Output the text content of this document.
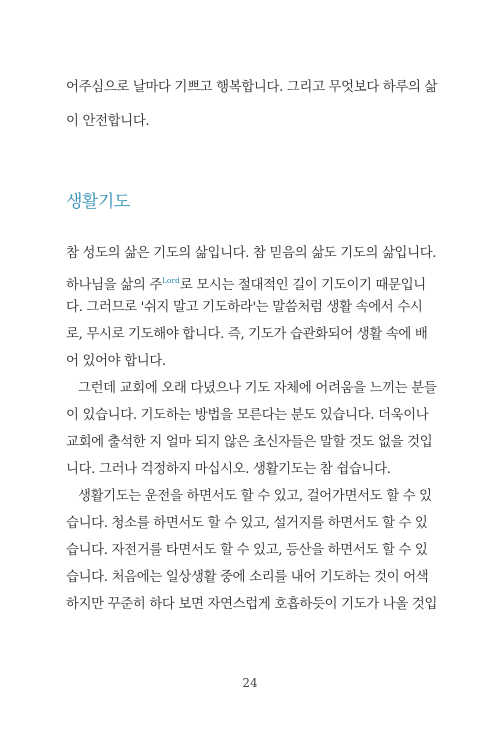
어주심으로 날마다 기쁘고 행복합니다. 그리고 무엇보다 하루의 삶
이 안전합니다.
생활기도
참 성도의 삶은 기도의 삶입니다. 참 믿음의 삶도 기도의 삶입니다.
하나님을 삶의 주$^{Lord}$로 모시는 절대적인 길이 기도이기 때문입니
다. 그러므로 '쉬지 말고 기도하라'는 말씀처럼 생활 속에서 수시
로, 무시로 기도해야 합니다. 즉, 기도가 습관화되어 생활 속에 배
어 있어야 합니다.
그런데 교회에 오래 다녔으나 기도 자체에 어려움을 느끼는 분들
이 있습니다. 기도하는 방법을 모른다는 분도 있습니다. 더욱이나
교회에 출석한 지 얼마 되지 않은 초신자들은 말할 것도 없을 것입
니다. 그러나 걱정하지 마십시오. 생활기도는 참 쉽습니다.
생활기도는 운전을 하면서도 할 수 있고, 걸어가면서도 할 수 있
습니다. 청소를 하면서도 할 수 있고, 설거지를 하면서도 할 수 있
습니다. 자전거를 타면서도 할 수 있고, 등산을 하면서도 할 수 있
습니다. 처음에는 일상생활 중에 소리를 내어 기도하는 것이 어색
하지만 꾸준히 하다 보면 자연스럽게 호흡하듯이 기도가 나올 것입
24
